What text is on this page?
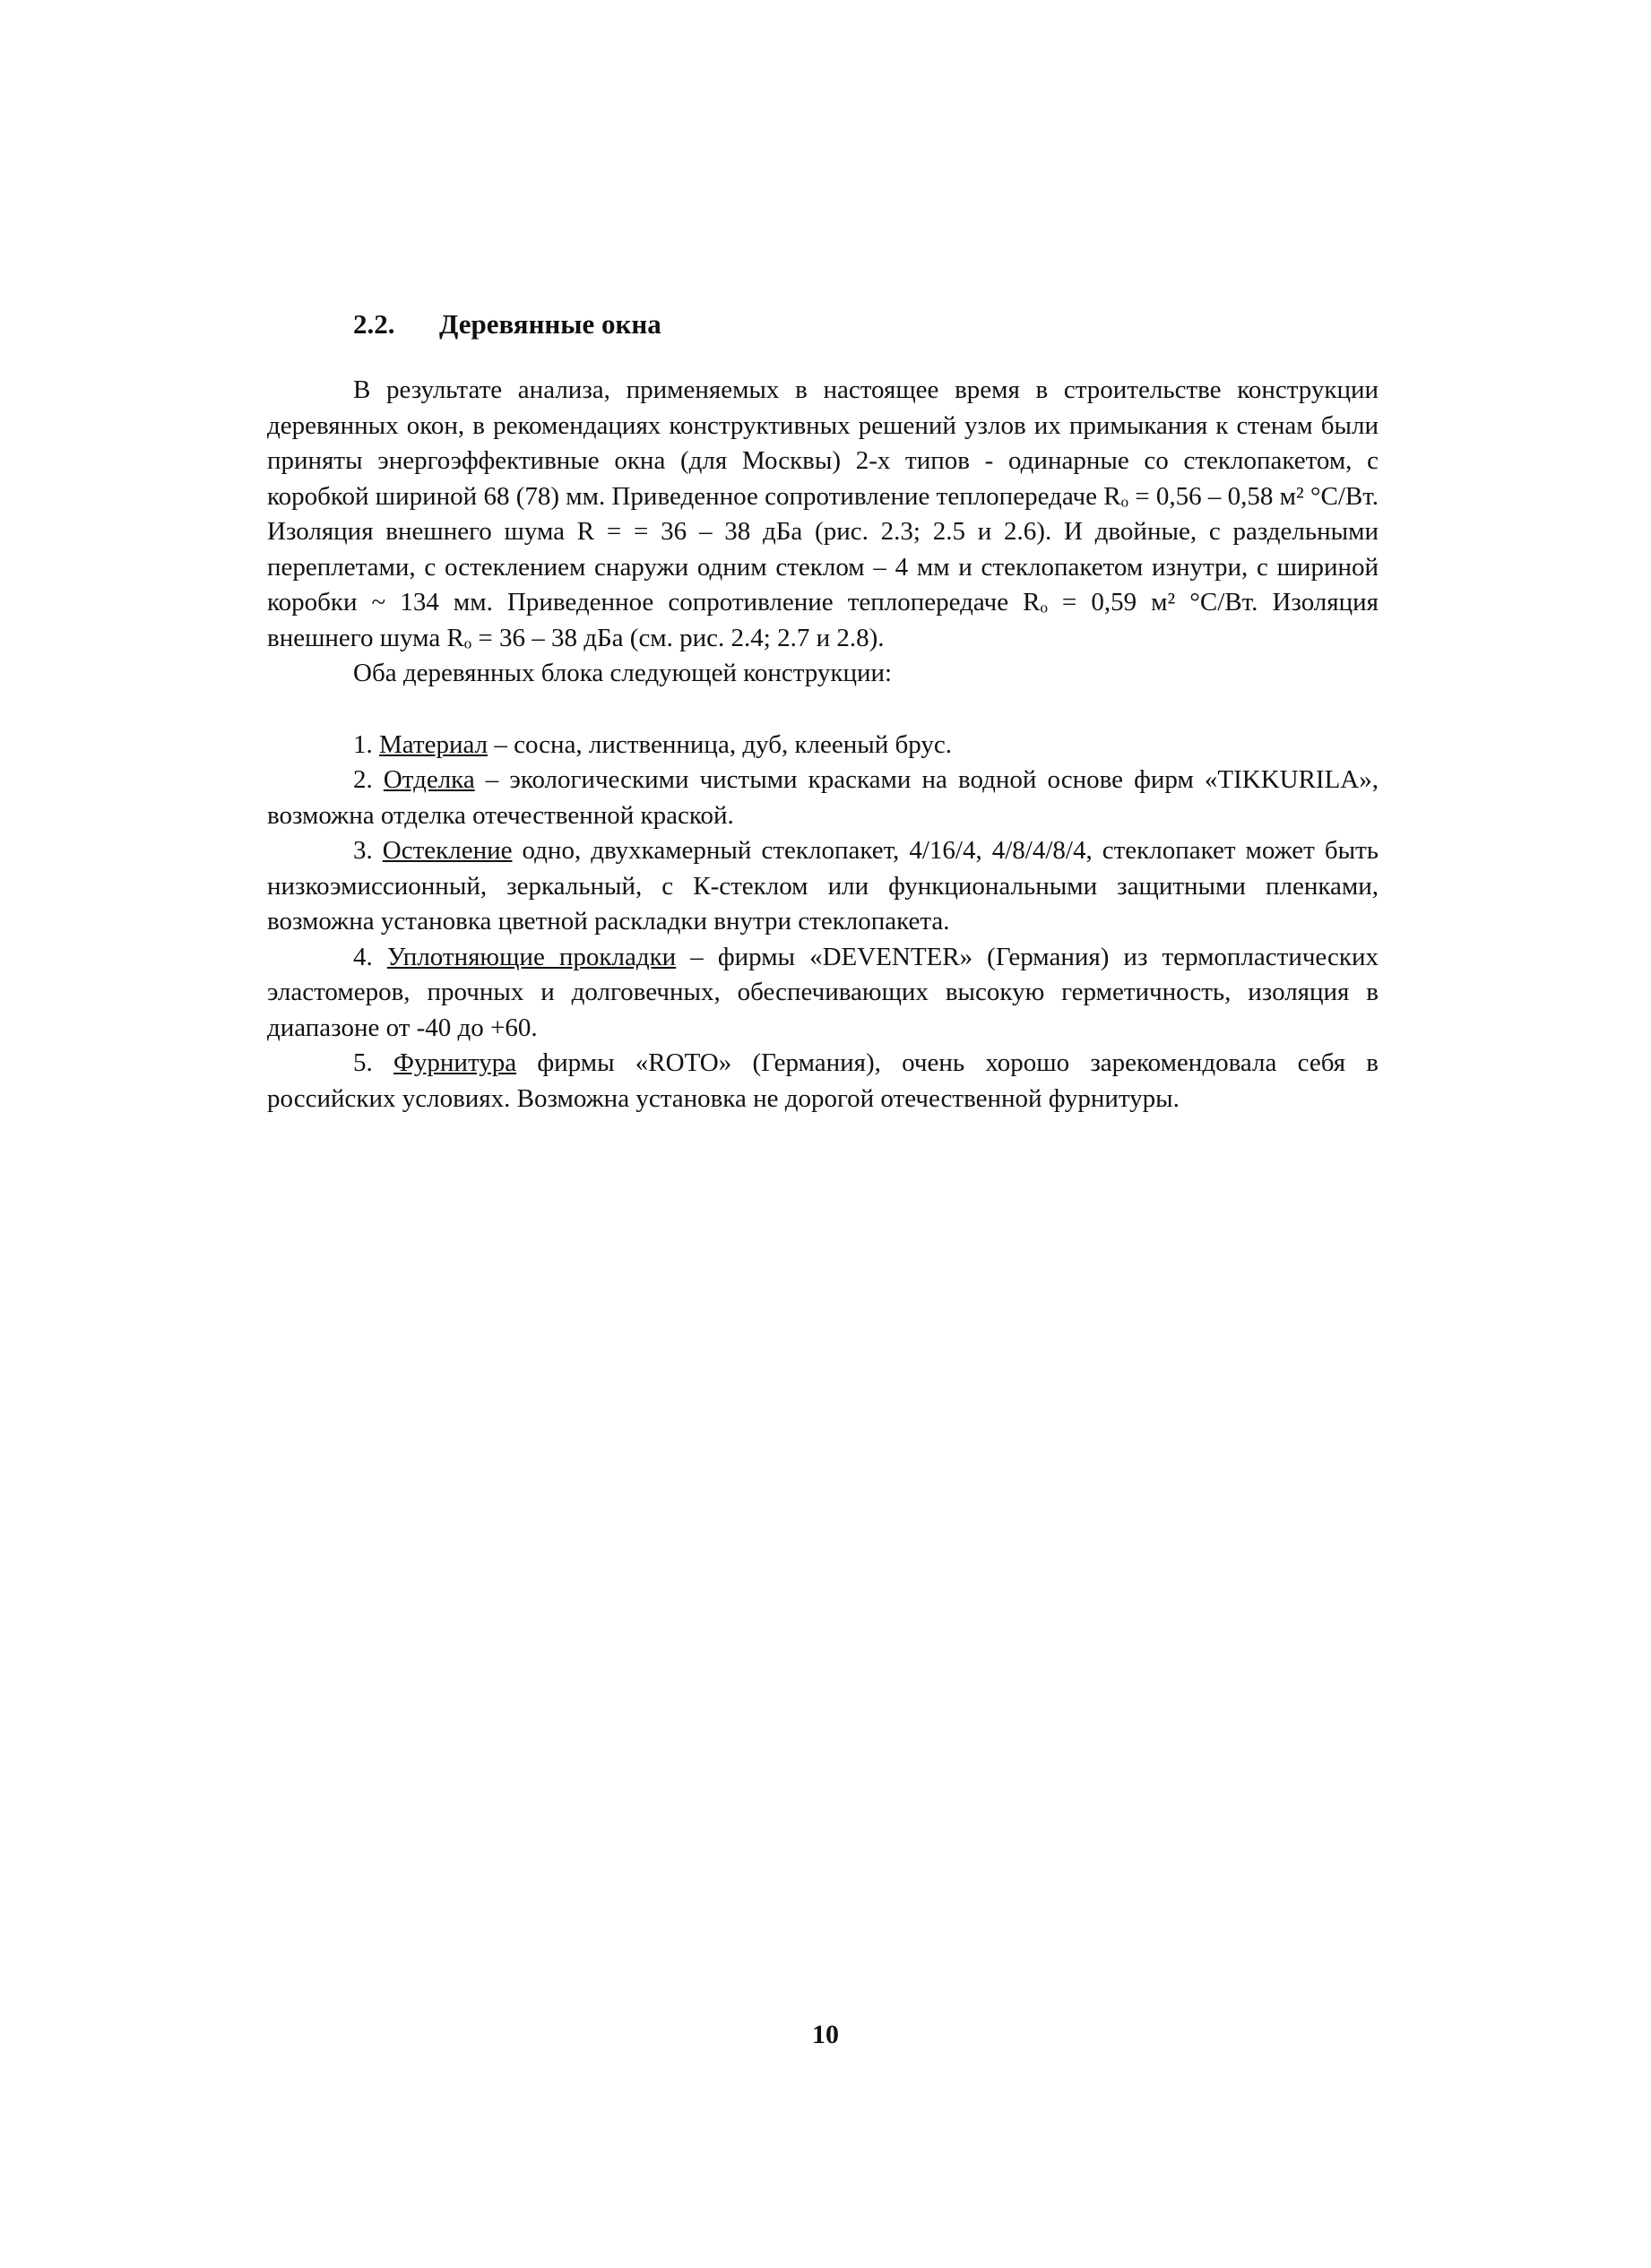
2.2. Деревянные окна

В результате анализа, применяемых в настоящее время в строительстве конструкции деревянных окон, в рекомендациях конструктивных решений узлов их примыкания к стенам были приняты энергоэффективные окна (для Москвы) 2-х типов - одинарные со стеклопакетом, с коробкой шириной 68 (78) мм. Приведенное сопротивление теплопередаче Rₒ = 0,56 – 0,58 м² °С/Вт. Изоляция внешнего шума R = = 36 – 38 дБа (рис. 2.3; 2.5 и 2.6). И двойные, с раздельными переплетами, с остеклением снаружи одним стеклом – 4 мм и стеклопакетом изнутри, с шириной коробки ~ 134 мм. Приведенное сопротивление теплопередаче Rₒ = 0,59 м² °С/Вт. Изоляция внешнего шума Rₒ = 36 – 38 дБа (см. рис. 2.4; 2.7 и 2.8).

Оба деревянных блока следующей конструкции:

1. Материал – сосна, лиственница, дуб, клееный брус.

2. Отделка – экологическими чистыми красками на водной основе фирм «TIKKURILA», возможна отделка отечественной краской.

3. Остекление одно, двухкамерный стеклопакет, 4/16/4, 4/8/4/8/4, стеклопакет может быть низкоэмиссионный, зеркальный, с К-стеклом или функциональными защитными пленками, возможна установка цветной раскладки внутри стеклопакета.

4. Уплотняющие прокладки – фирмы «DEVENTER» (Германия) из термопластических эластомеров, прочных и долговечных, обеспечивающих высокую герметичность, изоляция в диапазоне от -40 до +60.

5. Фурнитура фирмы «ROTO» (Германия), очень хорошо зарекомендовала себя в российских условиях. Возможна установка не дорогой отечественной фурнитуры.

10
